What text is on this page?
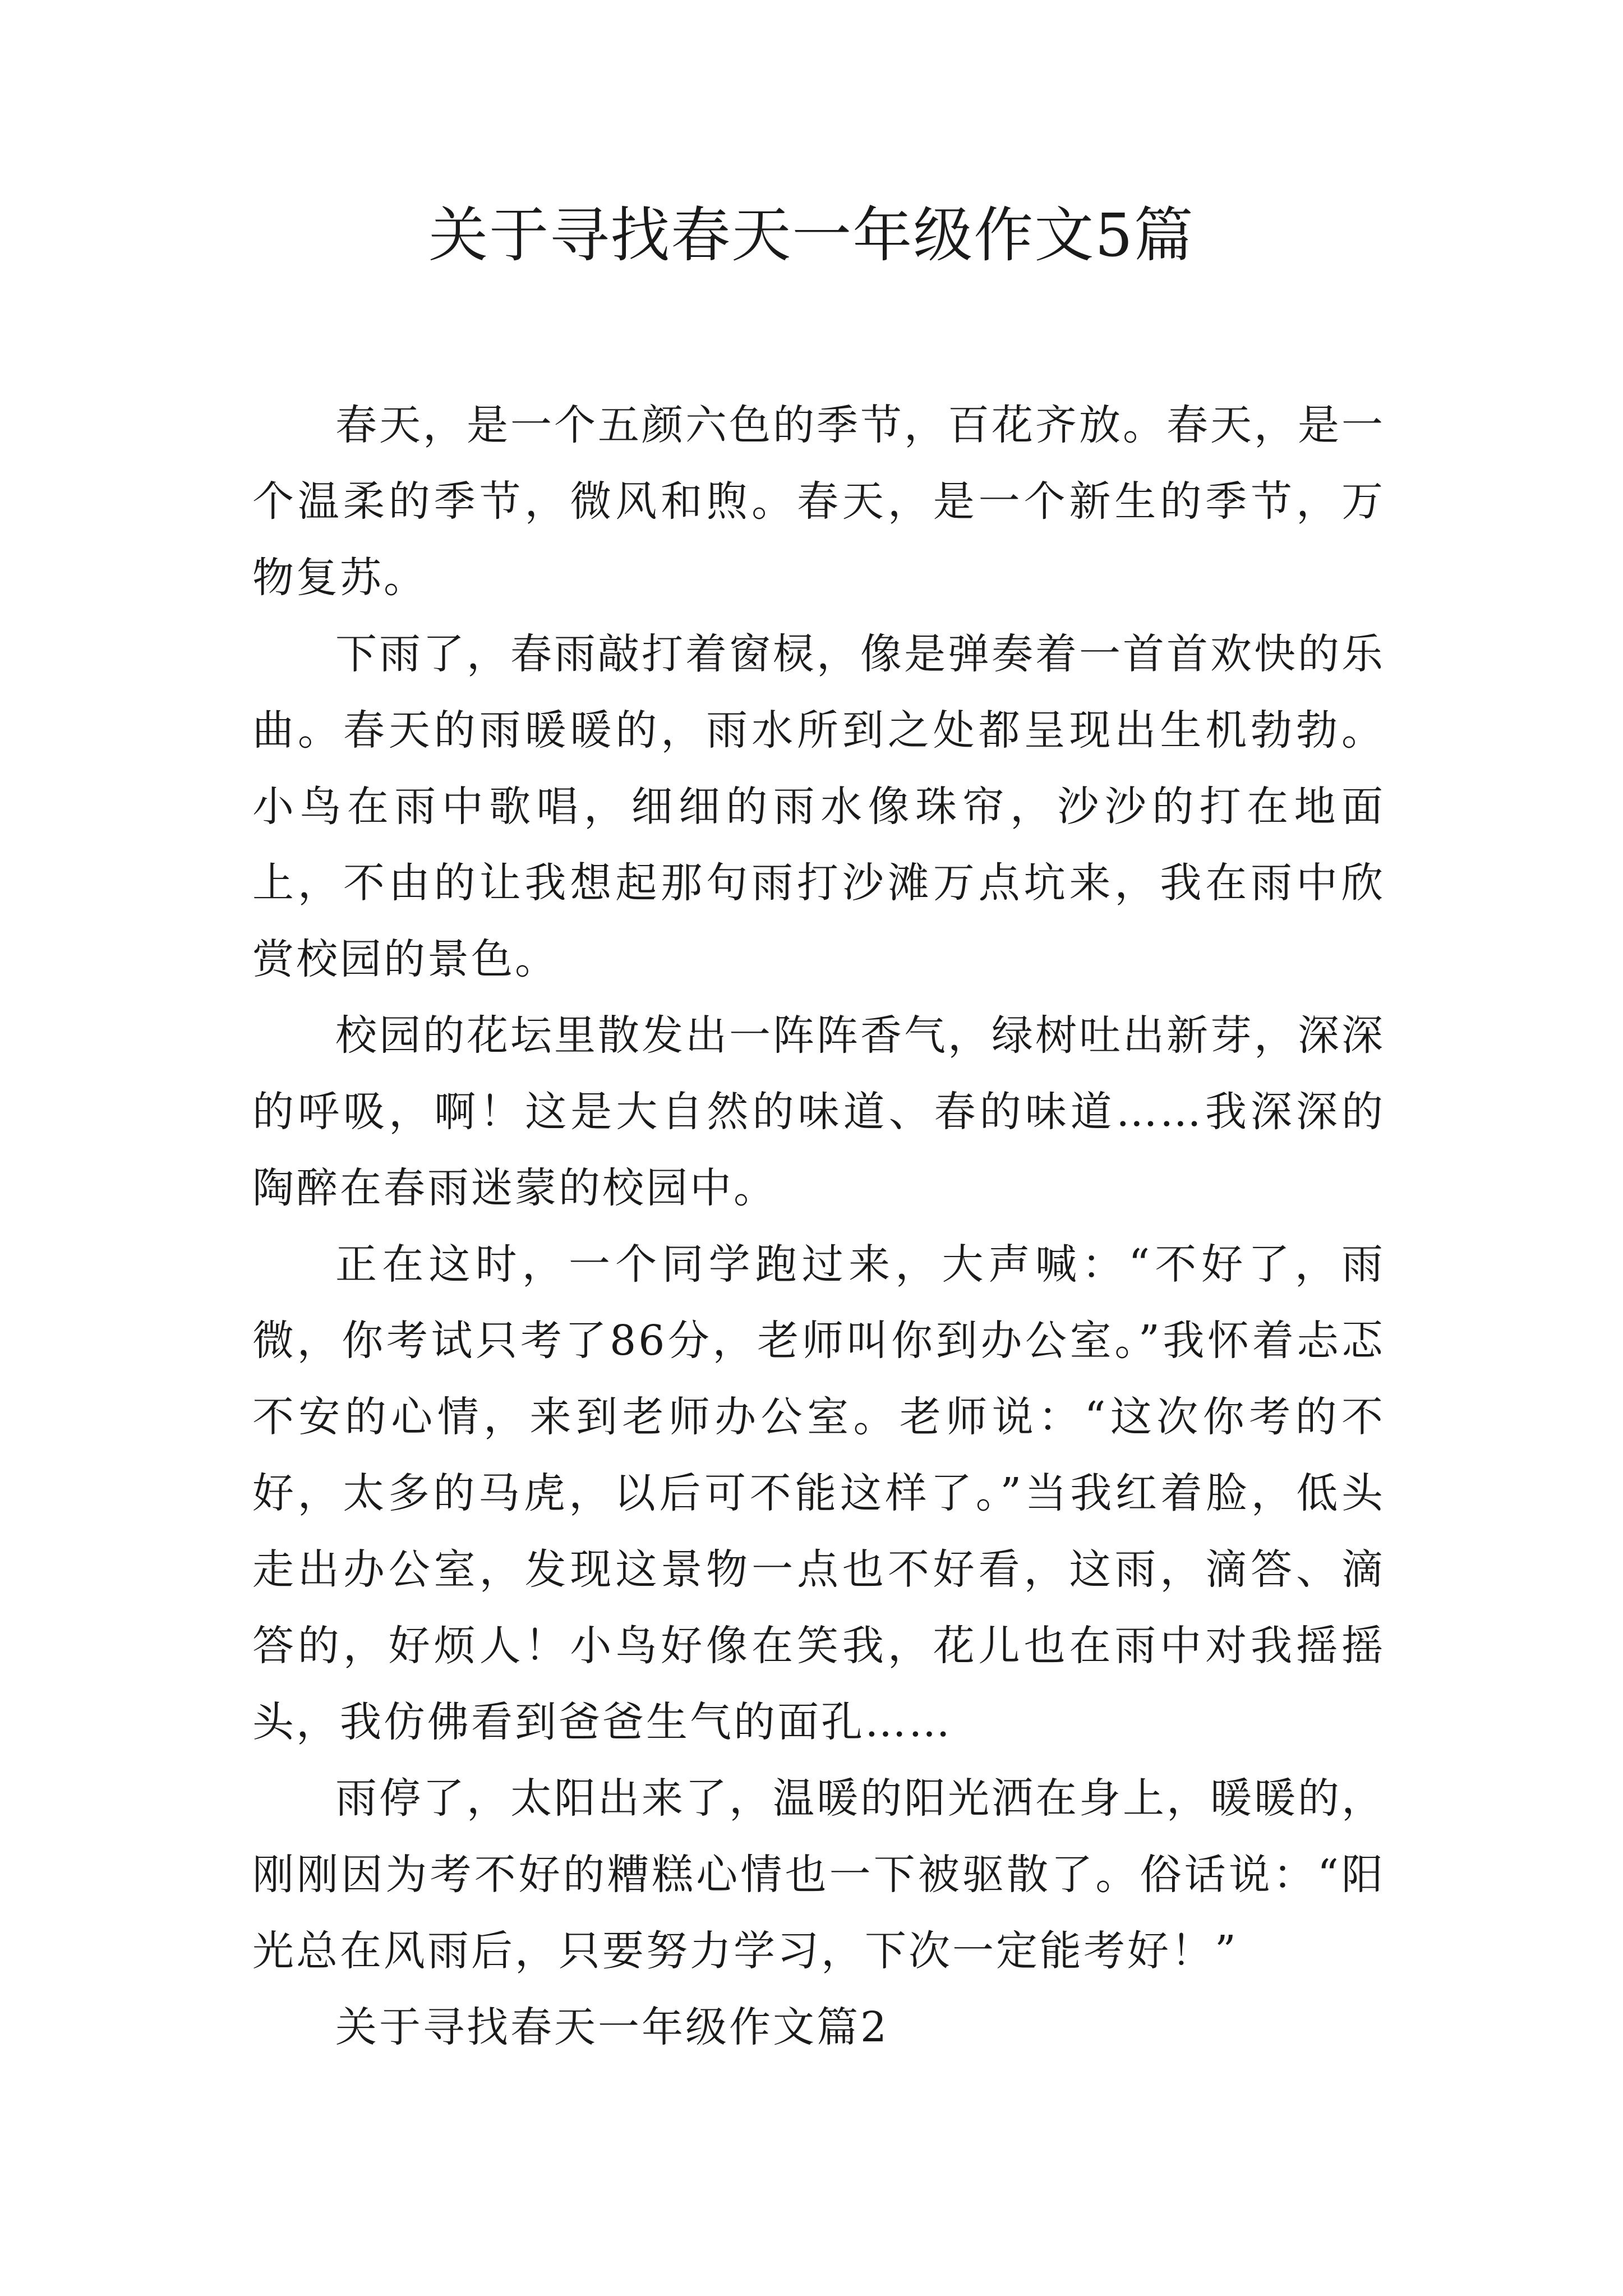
关于寻找春天一年级作文5篇

春天，是一个五颜六色的季节，百花齐放。春天，是一个温柔的季节，微风和煦。春天，是一个新生的季节，万物复苏。

下雨了，春雨敲打着窗棂，像是弹奏着一首首欢快的乐曲。春天的雨暖暖的，雨水所到之处都呈现出生机勃勃。小鸟在雨中歌唱，细细的雨水像珠帘，沙沙的打在地面上，不由的让我想起那句雨打沙滩万点坑来，我在雨中欣赏校园的景色。

校园的花坛里散发出一阵阵香气，绿树吐出新芽，深深的呼吸，啊！这是大自然的味道、春的味道……我深深的陶醉在春雨迷蒙的校园中。

正在这时，一个同学跑过来，大声喊：“不好了，雨微，你考试只考了86分，老师叫你到办公室。”我怀着忐忑不安的心情，来到老师办公室。老师说：“这次你考的不好，太多的马虎，以后可不能这样了。”当我红着脸，低头走出办公室，发现这景物一点也不好看，这雨，滴答、滴答的，好烦人！小鸟好像在笑我，花儿也在雨中对我摇摇头，我仿佛看到爸爸生气的面孔……

雨停了，太阳出来了，温暖的阳光洒在身上，暖暖的，刚刚因为考不好的糟糕心情也一下被驱散了。俗话说：“阳光总在风雨后，只要努力学习，下次一定能考好！”

关于寻找春天一年级作文篇2
